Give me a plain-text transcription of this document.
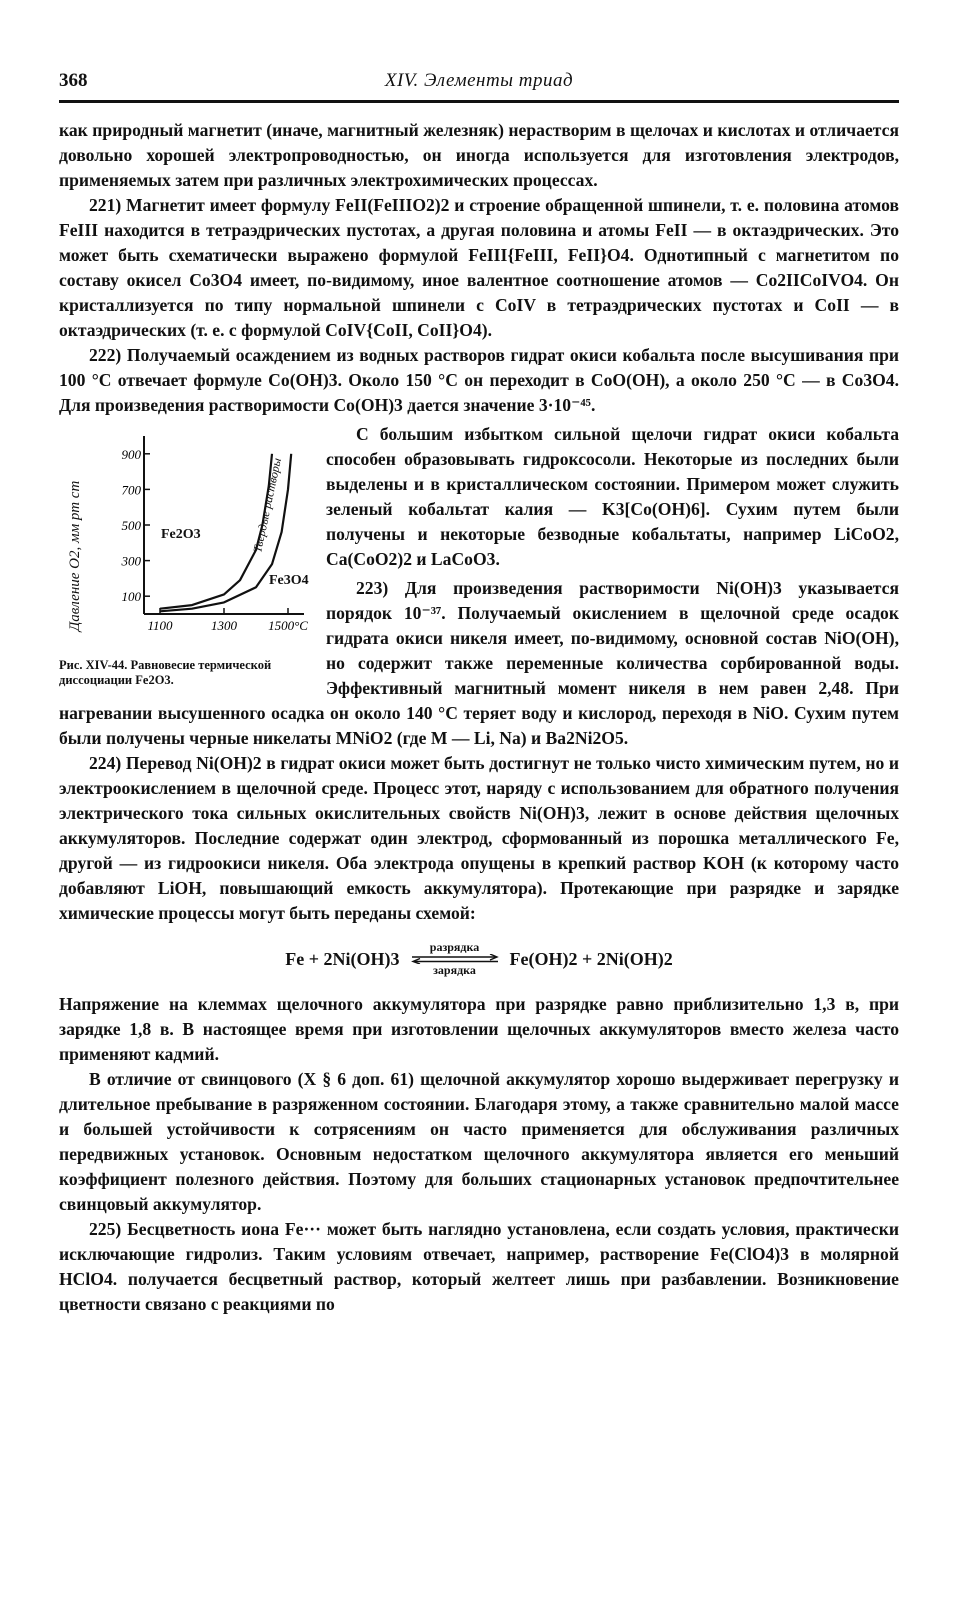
368	XIV. Элементы триад

как природный магнетит (иначе, магнитный железняк) нерастворим в щелочах и кислотах и отличается довольно хорошей электропроводностью, он иногда используется для изготовления электродов, применяемых затем при различных электрохимических процессах.

221) Магнетит имеет формулу FeII(FeIIIO2)2 и строение обращенной шпинели, т. е. половина атомов FeIII находится в тетраэдрических пустотах, а другая половина и атомы FeII — в октаэдрических. Это может быть схематически выражено формулой FeIII{FeIII, FeII}O4. Однотипный с магнетитом по составу окисел Co3O4 имеет, по-видимому, иное валентное соотношение атомов — Co2IICoIVO4. Он кристаллизуется по типу нормальной шпинели с CoIV в тетраэдрических пустотах и CoII — в октаэдрических (т. е. с формулой CoIV{CoII, CoII}O4).

222) Получаемый осаждением из водных растворов гидрат окиси кобальта после высушивания при 100 °С отвечает формуле Co(OH)3. Около 150 °С он переходит в CoO(OH), а около 250 °С — в Co3O4. Для произведения растворимости Co(OH)3 дается значение 3·10⁻⁴⁵.

Давление O2, мм рт ст
900
700
500
300
100
1100	1300 1500°C
Fe2O3
Fe3O4
Твердые растворы
Рис. XIV-44. Равновесие термической диссоциации Fe2O3.

С большим избытком сильной щелочи гидрат окиси кобальта способен образовывать гидроксосоли. Некоторые из последних были выделены и в кристаллическом состоянии. Примером может служить зеленый кобальтат калия — K3[Co(OH)6]. Сухим путем были получены и некоторые безводные кобальтаты, например LiCoO2, Ca(CoO2)2 и LaCoO3.

223) Для произведения растворимости Ni(OH)3 указывается порядок 10⁻³⁷. Получаемый окислением в щелочной среде осадок гидрата окиси никеля имеет, по-видимому, основной состав NiO(OH), но содержит также переменные количества сорбированной воды. Эффективный магнитный момент никеля в нем равен 2,48. При нагревании высушенного осадка он около 140 °С теряет воду и кислород, переходя в NiO. Сухим путем были получены черные никелаты MNiO2 (где M — Li, Na) и Ba2Ni2O5.

224) Перевод Ni(OH)2 в гидрат окиси может быть достигнут не только чисто химическим путем, но и электроокислением в щелочной среде. Процесс этот, наряду с использованием для обратного получения электрического тока сильных окислительных свойств Ni(OH)3, лежит в основе действия щелочных аккумуляторов. Последние содержат один электрод, сформованный из порошка металлического Fe, другой — из гидроокиси никеля. Оба электрода опущены в крепкий раствор KOH (к которому часто добавляют LiOH, повышающий емкость аккумулятора). Протекающие при разрядке и зарядке химические процессы могут быть переданы схемой:

Fe + 2Ni(OH)3
разрядка
зарядка
Fe(OH)2 + 2Ni(OH)2

Напряжение на клеммах щелочного аккумулятора при разрядке равно приблизительно 1,3 в, при зарядке 1,8 в. В настоящее время при изготовлении щелочных аккумуляторов вместо железа часто применяют кадмий.

В отличие от свинцового (X § 6 доп. 61) щелочной аккумулятор хорошо выдерживает перегрузку и длительное пребывание в разряженном состоянии. Благодаря этому, а также сравнительно малой массе и большей устойчивости к сотрясениям он часто применяется для обслуживания различных передвижных установок. Основным недостатком щелочного аккумулятора является его меньший коэффициент полезного действия. Поэтому для больших стационарных установок предпочтительнее свинцовый аккумулятор.

225) Бесцветность иона Fe··· может быть наглядно установлена, если создать условия, практически исключающие гидролиз. Таким условиям отвечает, например, растворение Fe(ClO4)3 в молярной HClO4. получается бесцветный раствор, который желтеет лишь при разбавлении. Возникновение цветности связано с реакциями по
